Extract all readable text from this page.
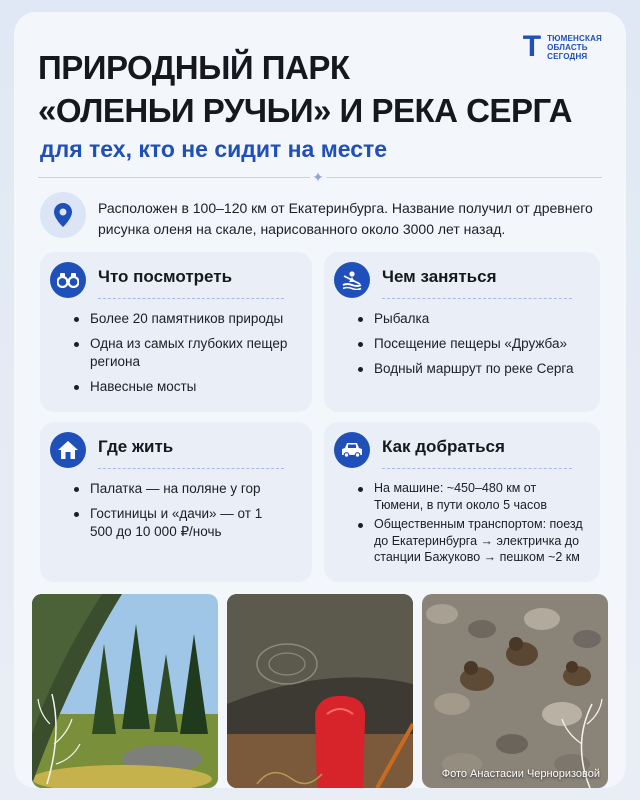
T ТЮМЕНСКАЯ
ОБЛАСТЬ
СЕГОДНЯ
ПРИРОДНЫЙ ПАРК
«ОЛЕНЬИ РУЧЬИ» И РЕКА СЕРГА
для тех, кто не сидит на месте
✦
Расположен в 100–120 км от Екатеринбурга. Название получил от древнего рисунка оленя на скале, нарисованного около 3000 лет назад.
Что посмотреть
Более 20 памятников природы
Одна из самых глубоких пещер региона
Навесные мосты
Чем заняться
Рыбалка
Посещение пещеры «Дружба»
Водный маршрут по реке Серга
Где жить
Палатка — на поляне у гор
Гостиницы и «дачи» — от 1 500 до 10 000 ₽/ночь
Как добраться
На машине: ~450–480 км от Тюмени, в пути около 5 часов
Общественным транспортом: поезд до Екатеринбурга → электричка до станции Бажуково → пешком ~2 км
Фото Анастасии Черноризовой
